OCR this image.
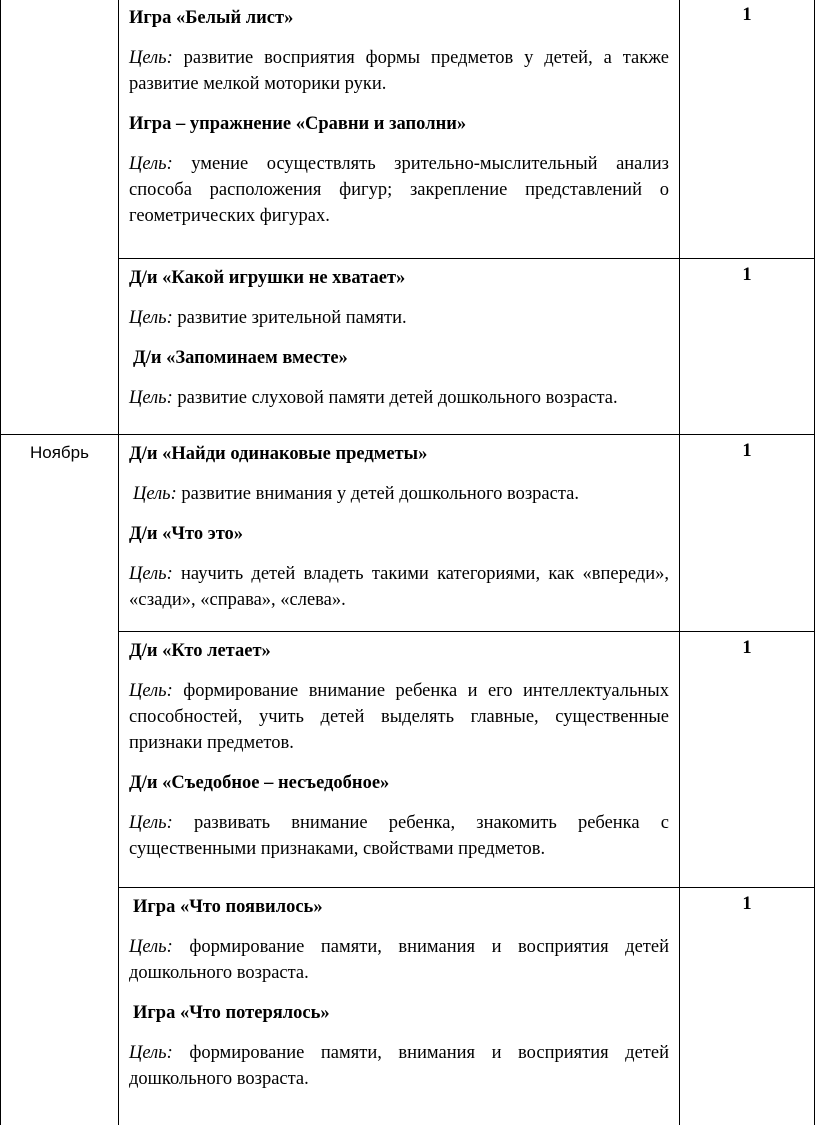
	Игра «Белый лист»
Цель: развитие восприятия формы предметов у детей, а также развитие мелкой моторики руки.
Игра – упражнение «Сравни и заполни»
Цель: умение осуществлять зрительно-мыслительный анализ способа расположения фигур; закрепление представлений о геометрических фигурах.	1

	Д/и «Какой игрушки не хватает»
Цель: развитие зрительной памяти.
Д/и «Запоминаем вместе»
Цель: развитие слуховой памяти детей дошкольного возраста.	1
Ноябрь	Д/и «Найди одинаковые предметы»
Цель: развитие внимания у детей дошкольного возраста.
Д/и «Что это»
Цель: научить детей владеть такими категориями, как «впереди», «сзади», «справа», «слева».	1

	Д/и «Кто летает»
Цель: формирование внимание ребенка и его интеллектуальных способностей, учить детей выделять главные, существенные признаки предметов.
Д/и «Съедобное – несъедобное»
Цель: развивать внимание ребенка, знакомить ребенка с существенными признаками, свойствами предметов.	1

	Игра «Что появилось»
Цель: формирование памяти, внимания и восприятия детей дошкольного возраста.
Игра «Что потерялось»
Цель: формирование памяти, внимания и восприятия детей дошкольного возраста.	1
